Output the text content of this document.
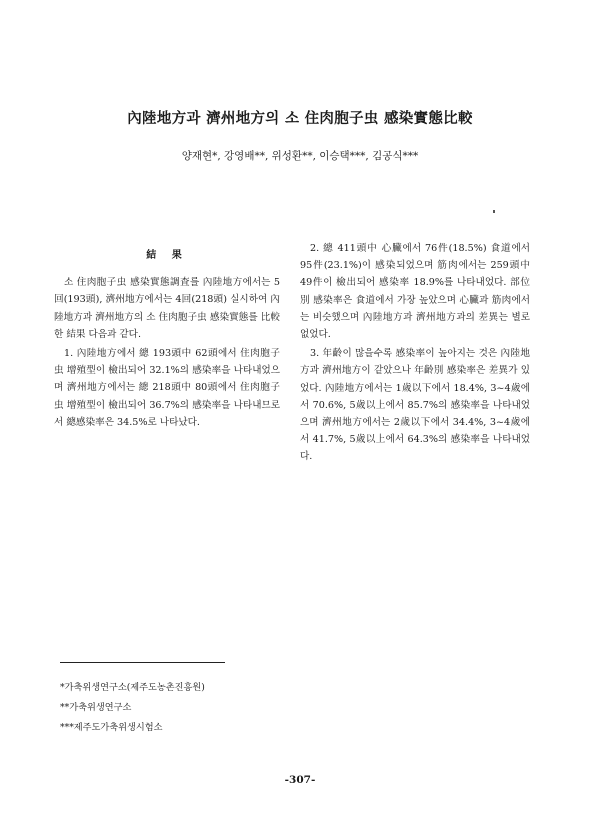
內陸地方과 濟州地方의 소 住肉胞子虫 感染實態比較
양재현*, 강영배**, 위성환**, 이승택***, 김공식***
結 果

소 住肉胞子虫 感染實態調査를 內陸地方에서는 5回(193頭), 濟州地方에서는 4回(218頭) 실시하여 內陸地方과 濟州地方의 소 住肉胞子虫 感染實態를 比較한 結果 다음과 같다.

1. 內陸地方에서 總 193頭中 62頭에서 住肉胞子虫 增殖型이 檢出되어 32.1%의 感染率을 나타내었으며 濟州地方에서는 總 218頭中 80頭에서 住肉胞子虫 增殖型이 檢出되어 36.7%의 感染率을 나타내므로서 總感染率은 34.5%로 나타났다.

2. 總 411頭中 心臟에서 76件(18.5%) 食道에서 95件(23.1%)이 感染되었으며 筋肉에서는 259頭中 49件이 檢出되어 感染率 18.9%를 나타내었다. 部位別 感染率은 食道에서 가장 높았으며 心臟과 筋肉에서는 비슷했으며 內陸地方과 濟州地方과의 差異는 별로 없었다.

3. 年齡이 많을수록 感染率이 높아지는 것은 內陸地方과 濟州地方이 같았으나 年齡別 感染率은 差異가 있었다. 內陸地方에서는 1歲以下에서 18.4%, 3~4歲에서 70.6%, 5歲以上에서 85.7%의 感染率을 나타내었으며 濟州地方에서는 2歲以下에서 34.4%, 3~4歲에서 41.7%, 5歲以上에서 64.3%의 感染率을 나타내었다.

*가축위생연구소(제주도농촌진흥원)
**가축위생연구소
***제주도가축위생시험소
-307-
